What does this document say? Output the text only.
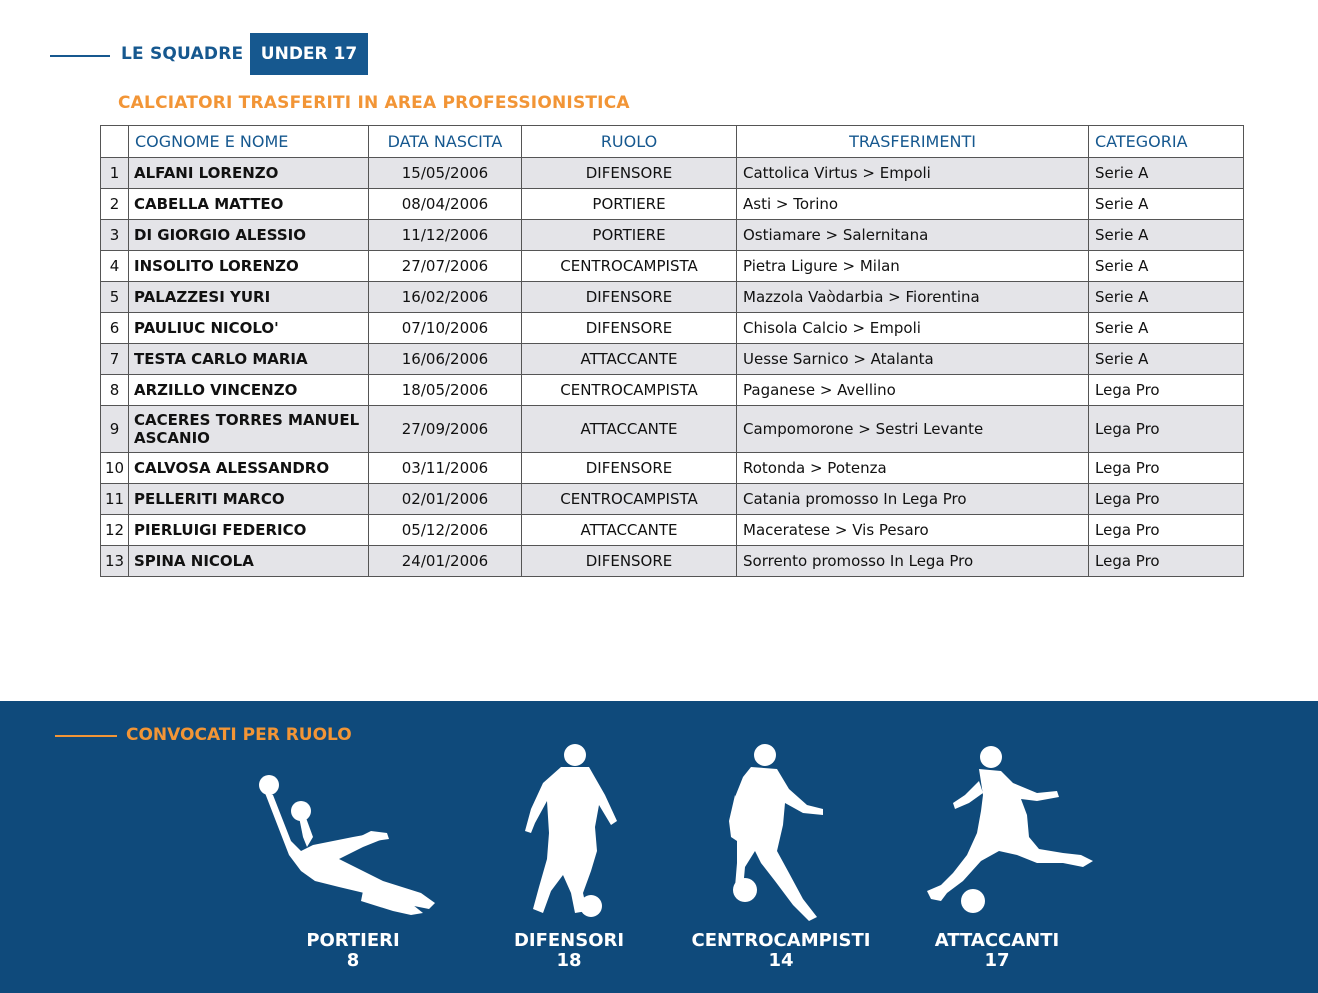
LE SQUADRE	UNDER 17
CALCIATORI TRASFERITI IN AREA PROFESSIONISTICA
	COGNOME E NOME	DATA NASCITA	RUOLO	TRASFERIMENTI	CATEGORIA
1	ALFANI LORENZO	15/05/2006	DIFENSORE	Cattolica Virtus > Empoli	Serie A
2	CABELLA MATTEO	08/04/2006	PORTIERE	Asti > Torino	Serie A
3	DI GIORGIO ALESSIO	11/12/2006	PORTIERE	Ostiamare > Salernitana	Serie A
4	INSOLITO LORENZO	27/07/2006	CENTROCAMPISTA	Pietra Ligure > Milan	Serie A
5	PALAZZESI YURI	16/02/2006	DIFENSORE	Mazzola Vaòdarbia > Fiorentina	Serie A
6	PAULIUC NICOLO'	07/10/2006	DIFENSORE	Chisola Calcio > Empoli	Serie A
7	TESTA CARLO MARIA	16/06/2006	ATTACCANTE	Uesse Sarnico > Atalanta	Serie A
8	ARZILLO VINCENZO	18/05/2006	CENTROCAMPISTA	Paganese > Avellino	Lega Pro
9	CACERES TORRES MANUEL ASCANIO	27/09/2006	ATTACCANTE	Campomorone > Sestri Levante	Lega Pro
10	CALVOSA ALESSANDRO	03/11/2006	DIFENSORE	Rotonda > Potenza	Lega Pro
11	PELLERITI MARCO	02/01/2006	CENTROCAMPISTA	Catania promosso In Lega Pro	Lega Pro
12	PIERLUIGI FEDERICO	05/12/2006	ATTACCANTE	Maceratese > Vis Pesaro	Lega Pro
13	SPINA NICOLA	24/01/2006	DIFENSORE	Sorrento promosso In Lega Pro	Lega Pro
CONVOCATI PER RUOLO
PORTIERI
8
DIFENSORI
18
CENTROCAMPISTI
14
ATTACCANTI
17
